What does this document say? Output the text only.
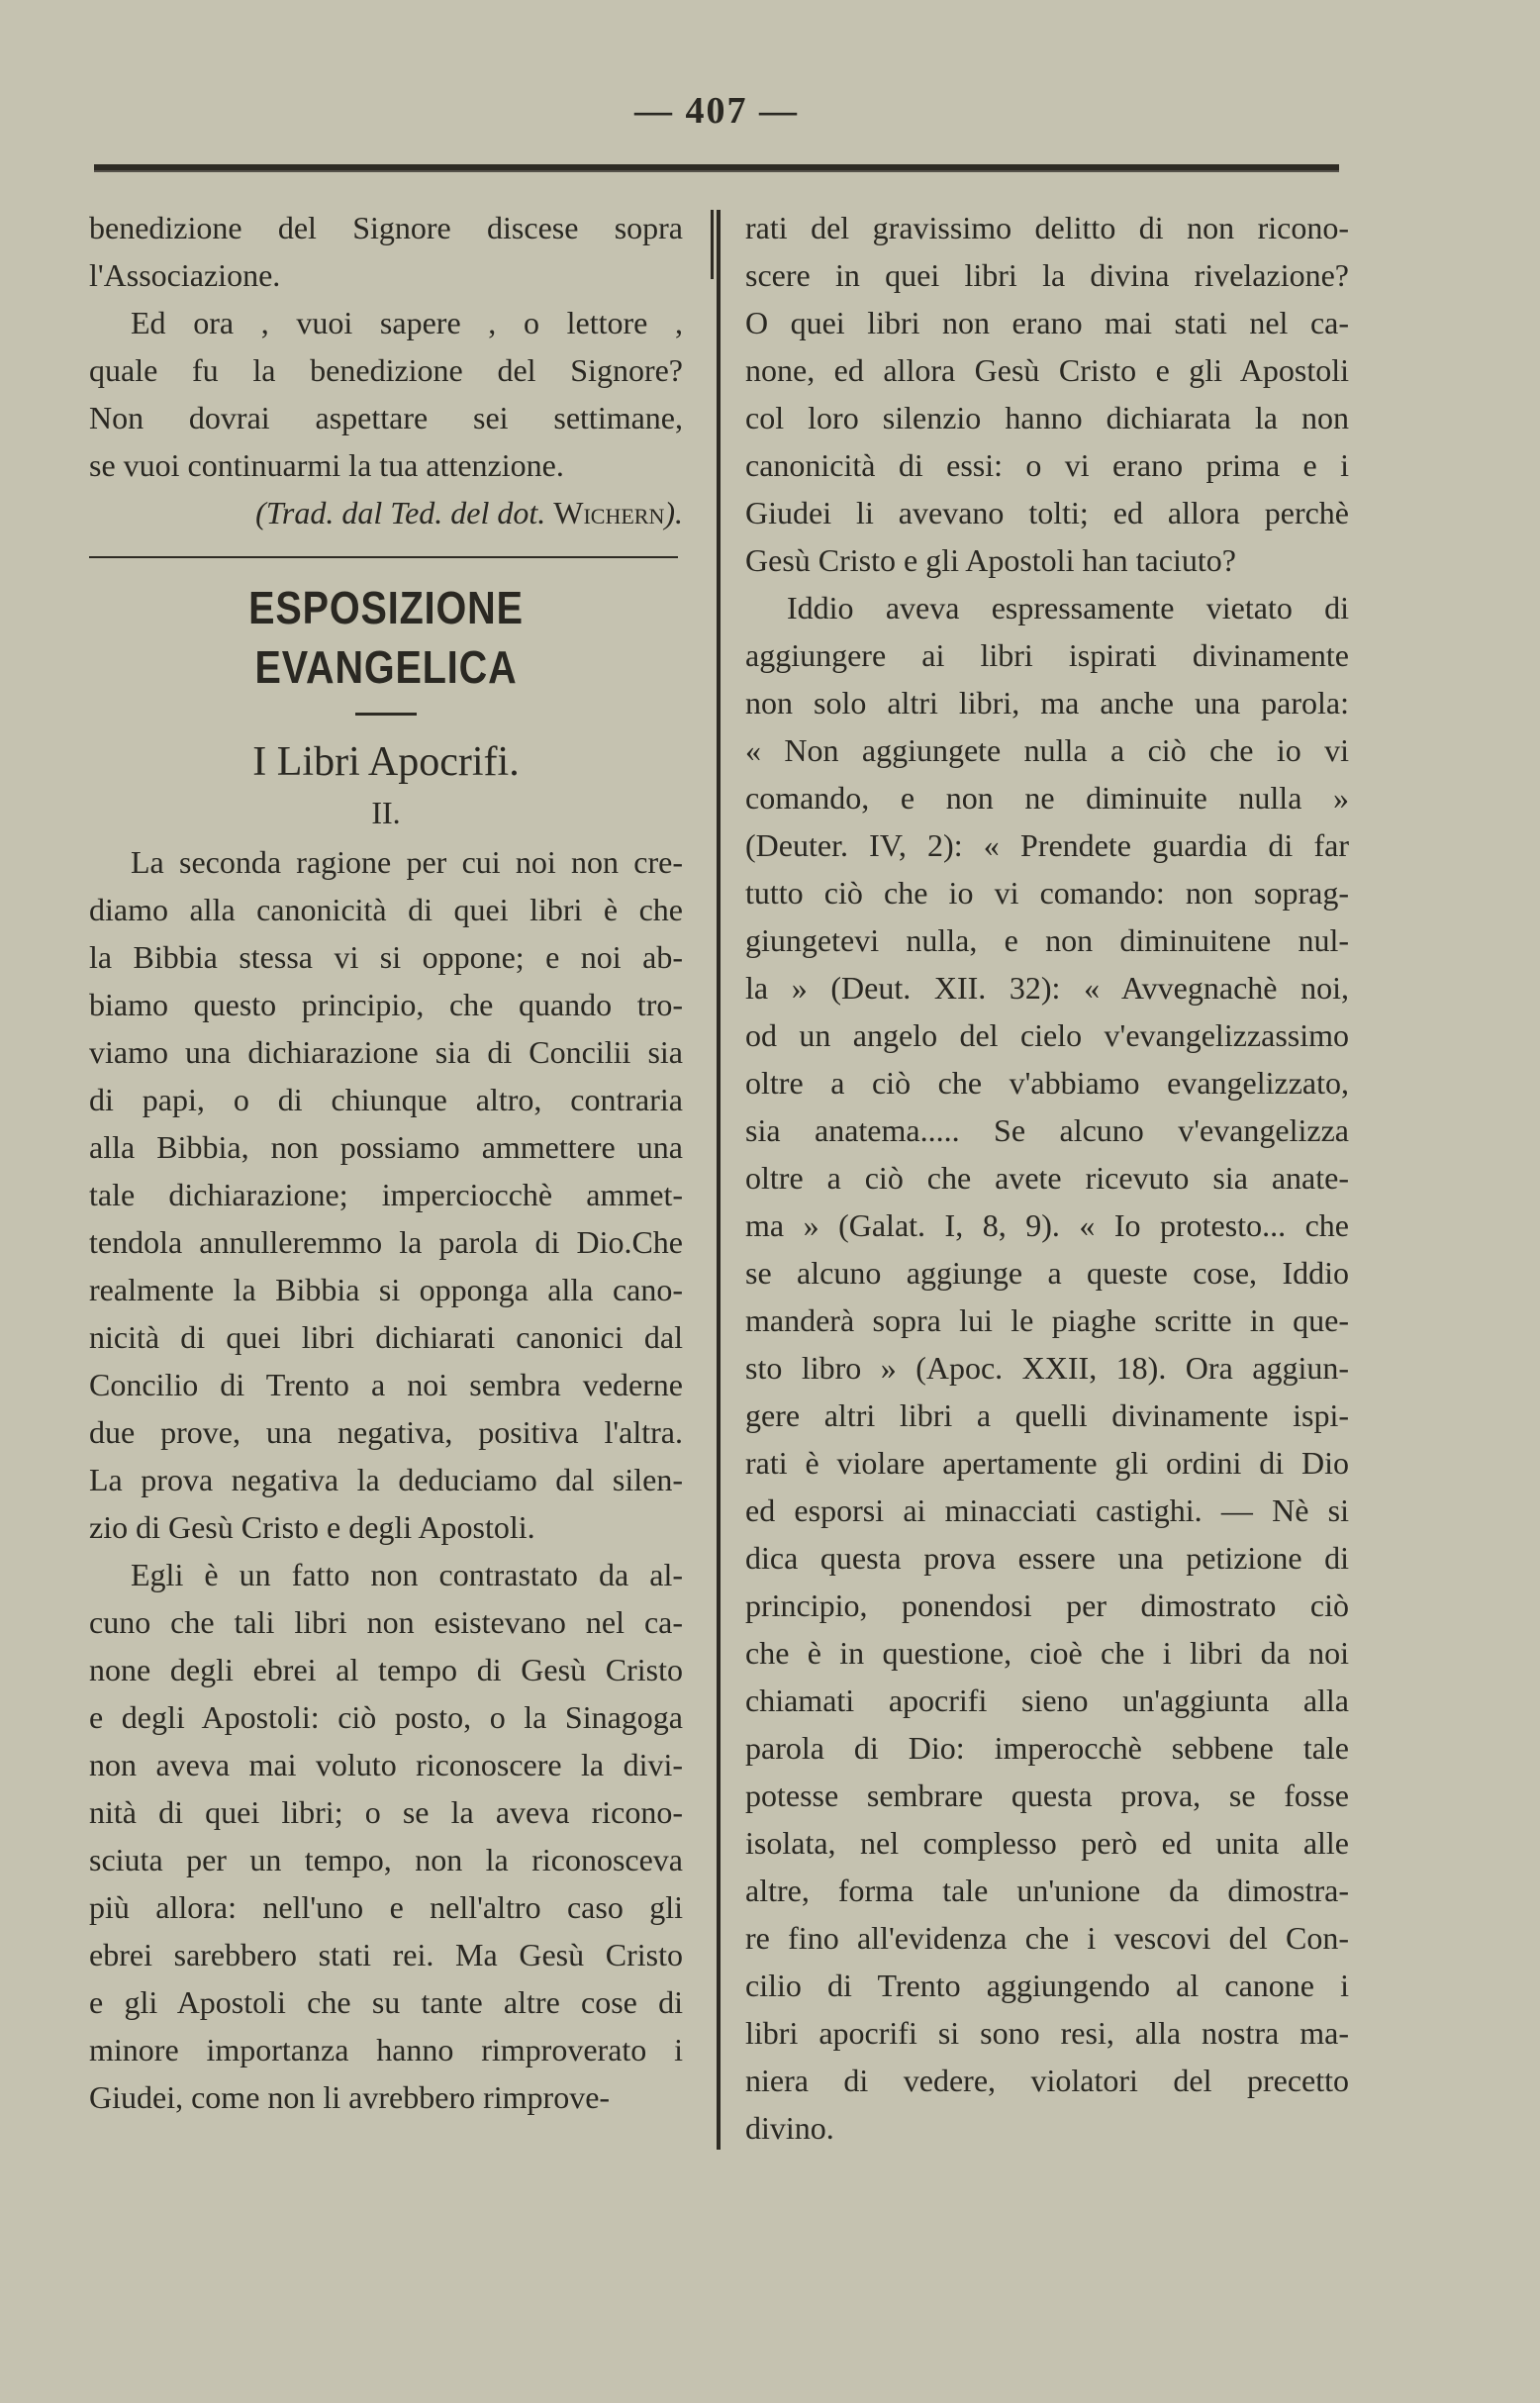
— 407 —
benedizione del Signore discese sopra
l'Associazione.
Ed ora , vuoi sapere , o lettore ,
quale fu la benedizione del Signore?
Non dovrai aspettare sei settimane,
se vuoi continuarmi la tua attenzione.
(Trad. dal Ted. del dot. Wichern).
ESPOSIZIONE EVANGELICA
I Libri Apocrifi.
II.
La seconda ragione per cui noi non cre-
diamo alla canonicità di quei libri è che
la Bibbia stessa vi si oppone; e noi ab-
biamo questo principio, che quando tro-
viamo una dichiarazione sia di Concilii sia
di papi, o di chiunque altro, contraria
alla Bibbia, non possiamo ammettere una
tale dichiarazione; imperciocchè ammet-
tendola annulleremmo la parola di Dio.Che
realmente la Bibbia si opponga alla cano-
nicità di quei libri dichiarati canonici dal
Concilio di Trento a noi sembra vederne
due prove, una negativa, positiva l'altra.
La prova negativa la deduciamo dal silen-
zio di Gesù Cristo e degli Apostoli.
Egli è un fatto non contrastato da al-
cuno che tali libri non esistevano nel ca-
none degli ebrei al tempo di Gesù Cristo
e degli Apostoli: ciò posto, o la Sinagoga
non aveva mai voluto riconoscere la divi-
nità di quei libri; o se la aveva ricono-
sciuta per un tempo, non la riconosceva
più allora: nell'uno e nell'altro caso gli
ebrei sarebbero stati rei. Ma Gesù Cristo
e gli Apostoli che su tante altre cose di
minore importanza hanno rimproverato i
Giudei, come non li avrebbero rimprove-
rati del gravissimo delitto di non ricono-
scere in quei libri la divina rivelazione?
O quei libri non erano mai stati nel ca-
none, ed allora Gesù Cristo e gli Apostoli
col loro silenzio hanno dichiarata la non
canonicità di essi: o vi erano prima e i
Giudei li avevano tolti; ed allora perchè
Gesù Cristo e gli Apostoli han taciuto?
Iddio aveva espressamente vietato di
aggiungere ai libri ispirati divinamente
non solo altri libri, ma anche una parola:
« Non aggiungete nulla a ciò che io vi
comando, e non ne diminuite nulla »
(Deuter. IV, 2): « Prendete guardia di far
tutto ciò che io vi comando: non soprag-
giungetevi nulla, e non diminuitene nul-
la » (Deut. XII. 32): « Avvegnachè noi,
od un angelo del cielo v'evangelizzassimo
oltre a ciò che v'abbiamo evangelizzato,
sia anatema..... Se alcuno v'evangelizza
oltre a ciò che avete ricevuto sia anate-
ma » (Galat. I, 8, 9). « Io protesto... che
se alcuno aggiunge a queste cose, Iddio
manderà sopra lui le piaghe scritte in que-
sto libro » (Apoc. XXII, 18). Ora aggiun-
gere altri libri a quelli divinamente ispi-
rati è violare apertamente gli ordini di Dio
ed esporsi ai minacciati castighi. — Nè si
dica questa prova essere una petizione di
principio, ponendosi per dimostrato ciò
che è in questione, cioè che i libri da noi
chiamati apocrifi sieno un'aggiunta alla
parola di Dio: imperocchè sebbene tale
potesse sembrare questa prova, se fosse
isolata, nel complesso però ed unita alle
altre, forma tale un'unione da dimostra-
re fino all'evidenza che i vescovi del Con-
cilio di Trento aggiungendo al canone i
libri apocrifi si sono resi, alla nostra ma-
niera di vedere, violatori del precetto
divino.
